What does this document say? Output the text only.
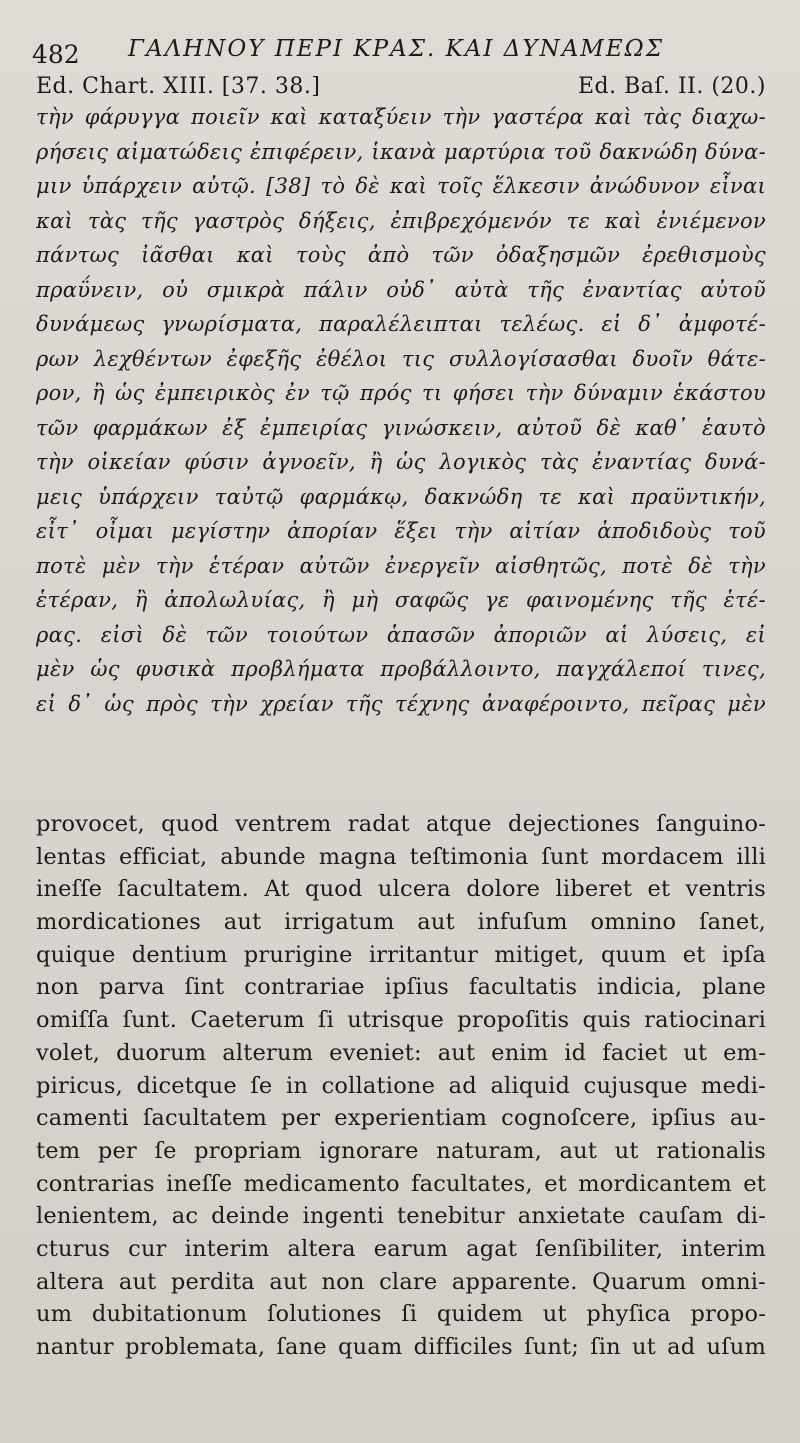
482 ΓΑΛΗΝΟΥ ΠΕΡΙ ΚΡΑΣ. ΚΑΙ ΔΥΝΑΜΕΩΣ
Ed. Chart. XIII. [37. 38.]	Ed. Baſ. II. (20.)
τὴν φάρυγγα ποιεῖν καὶ καταξύειν τὴν γαστέρα καὶ τὰς διαχω-
ρήσεις αἱματώδεις ἐπιφέρειν, ἱκανὰ μαρτύρια τοῦ δακνώδη δύνα-
μιν ὑπάρχειν αὐτῷ. [38] τὸ δὲ καὶ τοῖς ἕλκεσιν ἀνώδυνον εἶναι
καὶ τὰς τῆς γαστρὸς δήξεις, ἐπιβρεχόμενόν τε καὶ ἐνιέμενον
πάντως ἰᾶσθαι καὶ τοὺς ἀπὸ τῶν ὀδαξησμῶν ἐρεθισμοὺς
πραΰνειν, οὐ σμικρὰ πάλιν οὐδ᾽ αὐτὰ τῆς ἐναντίας αὐτοῦ
δυνάμεως γνωρίσματα, παραλέλειπται τελέως. εἰ δ᾽ ἀμφοτέ-
ρων λεχθέντων ἐφεξῆς ἐθέλοι τις συλλογίσασθαι δυοῖν θάτε-
ρον, ἢ ὡς ἐμπειρικὸς ἐν τῷ πρός τι φήσει τὴν δύναμιν ἑκάστου
τῶν φαρμάκων ἐξ ἐμπειρίας γινώσκειν, αὐτοῦ δὲ καθ᾽ ἑαυτὸ
τὴν οἰκείαν φύσιν ἀγνοεῖν, ἢ ὡς λογικὸς τὰς ἐναντίας δυνά-
μεις ὑπάρχειν ταὐτῷ φαρμάκῳ, δακνώδη τε καὶ πραϋντικήν,
εἶτ᾽ οἶμαι μεγίστην ἀπορίαν ἕξει τὴν αἰτίαν ἀποδιδοὺς τοῦ
ποτὲ μὲν τὴν ἑτέραν αὐτῶν ἐνεργεῖν αἰσθητῶς, ποτὲ δὲ τὴν
ἑτέραν, ἢ ἀπολωλυίας, ἢ μὴ σαφῶς γε φαινομένης τῆς ἑτέ-
ρας. εἰσὶ δὲ τῶν τοιούτων ἁπασῶν ἀποριῶν αἱ λύσεις, εἰ
μὲν ὡς φυσικὰ προβλήματα προβάλλοιντο, παγχάλεποί τινες,
εἰ δ᾽ ὡς πρὸς τὴν χρείαν τῆς τέχνης ἀναφέροιντο, πεῖρας μὲν
provocet, quod ventrem radat atque dejectiones ſanguino-
lentas efficiat, abunde magna teſtimonia ſunt mordacem illi
ineſſe ſacultatem. At quod ulcera dolore liberet et ventris
mordicationes aut irrigatum aut infuſum omnino ſanet,
quique dentium prurigine irritantur mitiget, quum et ipſa
non parva ſint contrariae ipſius facultatis indicia, plane
omiſſa ſunt. Caeterum ſi utrisque propoſitis quis ratiocinari
volet, duorum alterum eveniet: aut enim id faciet ut em-
piricus, dicetque ſe in collatione ad aliquid cujusque medi-
camenti ſacultatem per experientiam cognoſcere, ipſius au-
tem per ſe propriam ignorare naturam, aut ut rationalis
contrarias ineſſe medicamento facultates, et mordicantem et
lenientem, ac deinde ingenti tenebitur anxietate cauſam di-
cturus cur interim altera earum agat ſenſibiliter, interim
altera aut perdita aut non clare apparente. Quarum omni-
um dubitationum ſolutiones ſi quidem ut phyſica propo-
nantur problemata, ſane quam difficiles ſunt; ſin ut ad uſum
